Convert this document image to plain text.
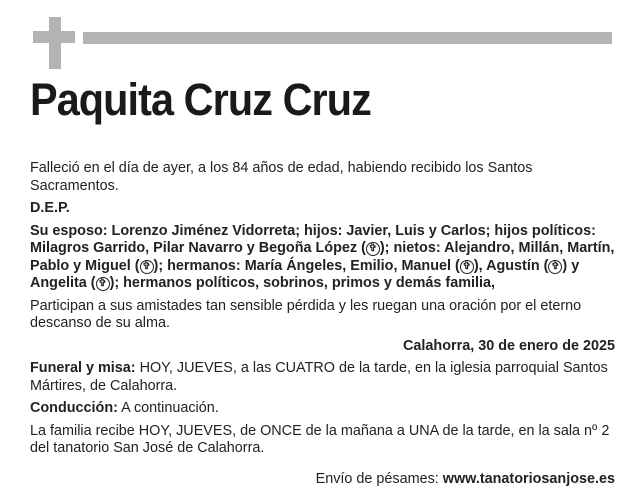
Paquita Cruz Cruz

Falleció en el día de ayer, a los 84 años de edad, habiendo recibido los Santos Sacramentos.

D.E.P.

Su esposo: Lorenzo Jiménez Vidorreta; hijos: Javier, Luis y Carlos; hijos políticos: Milagros Garrido, Pilar Navarro y Begoña López ( ✞ ); nietos: Alejandro, Millán, Martín, Pablo y Miguel ( ✞ ); hermanos: María Ángeles, Emilio, Manuel ( ✞ ), Agustín ( ✞ ) y Angelita ( ✞ ); hermanos políticos, sobrinos, primos y demás familia,

Participan a sus amistades tan sensible pérdida y les ruegan una oración por el eterno descanso de su alma.

Calahorra, 30 de enero de 2025

Funeral y misa: HOY, JUEVES, a las CUATRO de la tarde, en la iglesia parroquial Santos Mártires, de Calahorra.

Conducción: A continuación.

La familia recibe HOY, JUEVES, de ONCE de la mañana a UNA de la tarde, en la sala nº 2 del tanatorio San José de Calahorra.

Envío de pésames: www.tanatoriosanjose.es
